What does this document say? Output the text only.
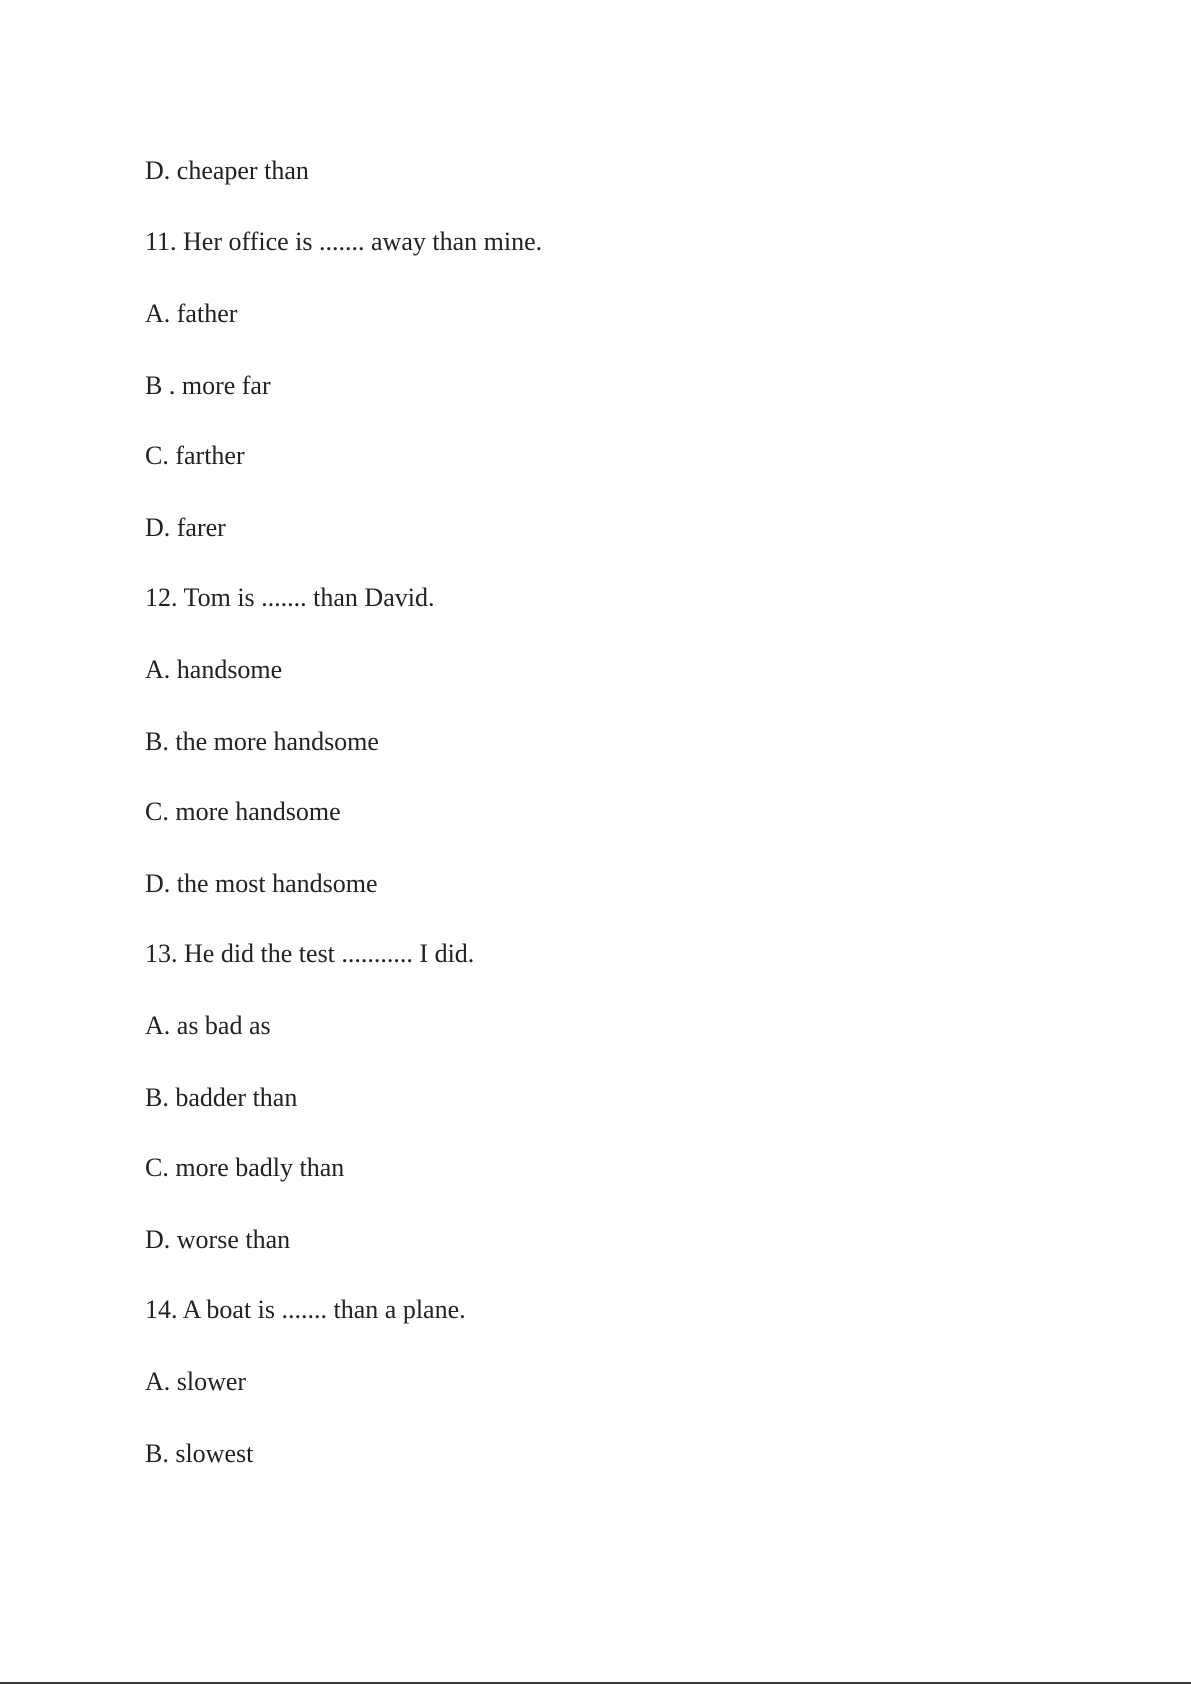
D. cheaper than
11. Her office is ....... away than mine.
A. father
B . more far
C. farther
D. farer
12. Tom is ....... than David.
A. handsome
B. the more handsome
C. more handsome
D. the most handsome
13. He did the test ........... I did.
A. as bad as
B. badder than
C. more badly than
D. worse than
14. A boat is ....... than a plane.
A. slower
B. slowest
